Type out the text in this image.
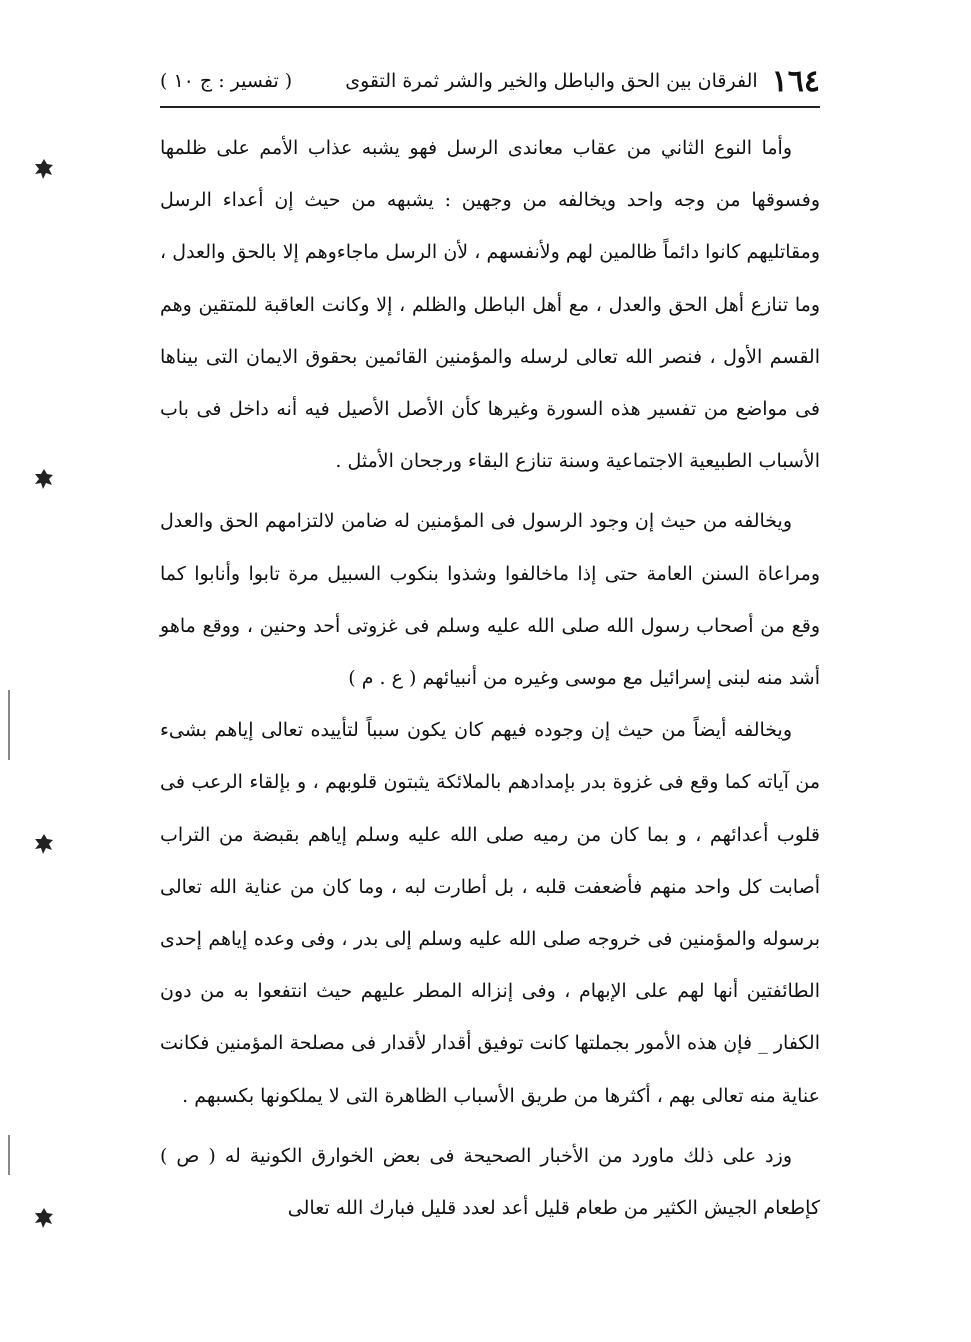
١٦٤
الفرقان بين الحق والباطل والخير والشر ثمرة التقوى
( تفسير : ج ١٠ )

وأما النوع الثاني من عقاب معاندى الرسل فهو يشبه عذاب الأمم على ظلمها وفسوقها من وجه واحد ويخالفه من وجهين : يشبهه من حيث إن أعداء الرسل ومقاتليهم كانوا دائماً ظالمين لهم ولأنفسهم ، لأن الرسل ماجاءوهم إلا بالحق والعدل ، وما تنازع أهل الحق والعدل ، مع أهل الباطل والظلم ، إلا وكانت العاقبة للمتقين وهم القسم الأول ، فنصر الله تعالى لرسله والمؤمنين القائمين بحقوق الايمان التى بيناها فى مواضع من تفسير هذه السورة وغيرها كأن الأصل الأصيل فيه أنه داخل فى باب الأسباب الطبيعية الاجتماعية وسنة تنازع البقاء ورجحان الأمثل .

ويخالفه من حيث إن وجود الرسول فى المؤمنين له ضامن لالتزامهم الحق والعدل ومراعاة السنن العامة حتى إذا ماخالفوا وشذوا بنكوب السبيل مرة تابوا وأنابوا كما وقع من أصحاب رسول الله صلى الله عليه وسلم فى غزوتى أحد وحنين ، ووقع ماهو أشد منه لبنى إسرائيل مع موسى وغيره من أنبيائهم ( ع . م )

ويخالفه أيضاً من حيث إن وجوده فيهم كان يكون سبباً لتأييده تعالى إياهم بشىء من آياته كما وقع فى غزوة بدر بإمدادهم بالملائكة يثبتون قلوبهم ، و بإلقاء الرعب فى قلوب أعدائهم ، و بما كان من رميه صلى الله عليه وسلم إياهم بقبضة من التراب أصابت كل واحد منهم فأضعفت قلبه ، بل أطارت لبه ، وما كان من عناية الله تعالى برسوله والمؤمنين فى خروجه صلى الله عليه وسلم إلى بدر ، وفى وعده إياهم إحدى الطائفتين أنها لهم على الإبهام ، وفى إنزاله المطر عليهم حيث انتفعوا به من دون الكفار _ فإن هذه الأمور بجملتها كانت توفيق أقدار لأقدار فى مصلحة المؤمنين فكانت عناية منه تعالى بهم ، أكثرها من طريق الأسباب الظاهرة التى لا يملكونها بكسبهم .

وزد على ذلك ماورد من الأخبار الصحيحة فى بعض الخوارق الكونية له ( ص ) كإطعام الجيش الكثير من طعام قليل أعد لعدد قليل فبارك الله تعالى
